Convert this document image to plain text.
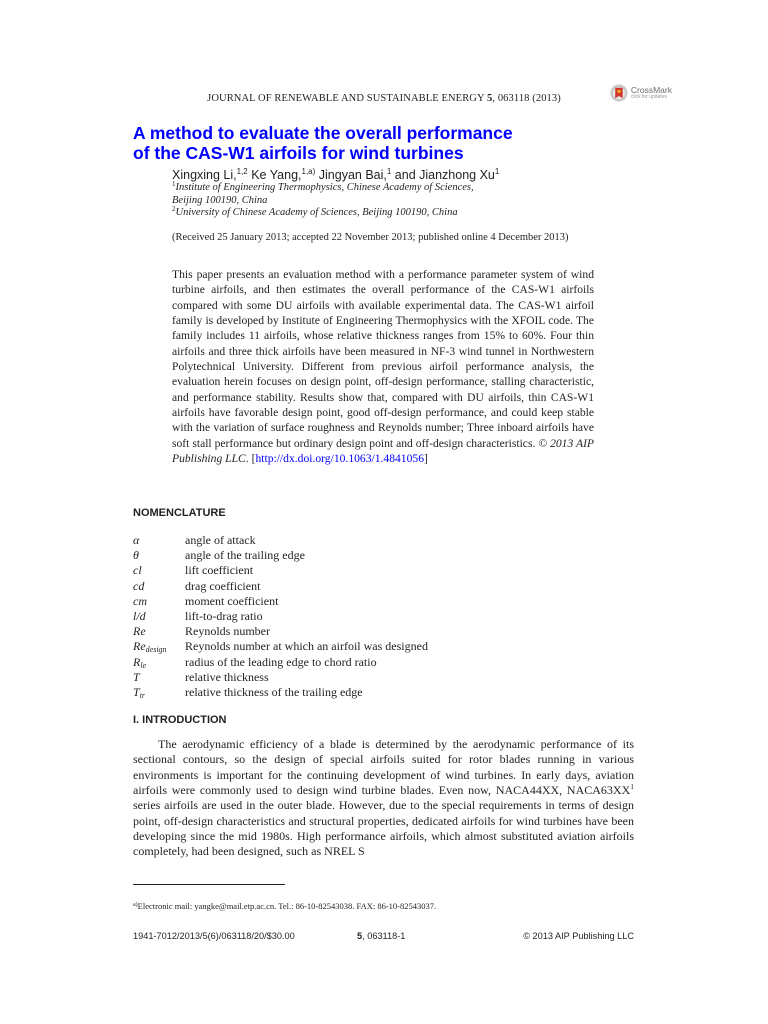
JOURNAL OF RENEWABLE AND SUSTAINABLE ENERGY 5, 063118 (2013)
CrossMark
click for updates
A method to evaluate the overall performance
of the CAS-W1 airfoils for wind turbines
Xingxing Li,$^{1,2}$ Ke Yang,$^{1,a)}$ Jingyan Bai,$^1$ and Jianzhong Xu$^1$
$^1$Institute of Engineering Thermophysics, Chinese Academy of Sciences,
Beijing 100190, China
$^2$University of Chinese Academy of Sciences, Beijing 100190, China
(Received 25 January 2013; accepted 22 November 2013; published online 4 December 2013)

This paper presents an evaluation method with a performance parameter system of wind turbine airfoils, and then estimates the overall performance of the CAS-W1 airfoils compared with some DU airfoils with available experimental data. The CAS-W1 airfoil family is developed by Institute of Engineering Thermophysics with the XFOIL code. The family includes 11 airfoils, whose relative thickness ranges from 15% to 60%. Four thin airfoils and three thick airfoils have been measured in NF-3 wind tunnel in Northwestern Polytechnical University. Different from previous airfoil performance analysis, the evaluation herein focuses on design point, off-design performance, stalling characteristic, and performance stability. Results show that, compared with DU airfoils, thin CAS-W1 airfoils have favorable design point, good off-design performance, and could keep stable with the variation of surface roughness and Reynolds number; Three inboard airfoils have soft stall performance but ordinary design point and off-design characteristics. © 2013 AIP Publishing LLC. [http://dx.doi.org/10.1063/1.4841056]

NOMENCLATURE
α	angle of attack
θ	angle of the trailing edge
cl	lift coefficient
cd	drag coefficient
cm	moment coefficient
l/d	lift-to-drag ratio
Re	Reynolds number
$Re_{design}$	Reynolds number at which an airfoil was designed
$R_{le}$	radius of the leading edge to chord ratio
T	relative thickness
$T_{tr}$	relative thickness of the trailing edge
I. INTRODUCTION

The aerodynamic efficiency of a blade is determined by the aerodynamic performance of its sectional contours, so the design of special airfoils suited for rotor blades running in various environments is important for the continuing development of wind turbines. In early days, aviation airfoils were commonly used to design wind turbine blades. Even now, NACA44XX, $NACA63XX^1$ series airfoils are used in the outer blade. However, due to the special requirements in terms of design point, off-design characteristics and structural properties, dedicated airfoils for wind turbines have been developing since the mid 1980s. High performance airfoils, which almost substituted aviation airfoils completely, had been designed, such as NREL S

$^{a)}$Electronic mail: yangke@mail.etp.ac.cn. Tel.: 86-10-82543038. FAX: 86-10-82543037.
1941-7012/2013/5(6)/063118/20/$30.00	5, 063118-1	© 2013 AIP Publishing LLC
